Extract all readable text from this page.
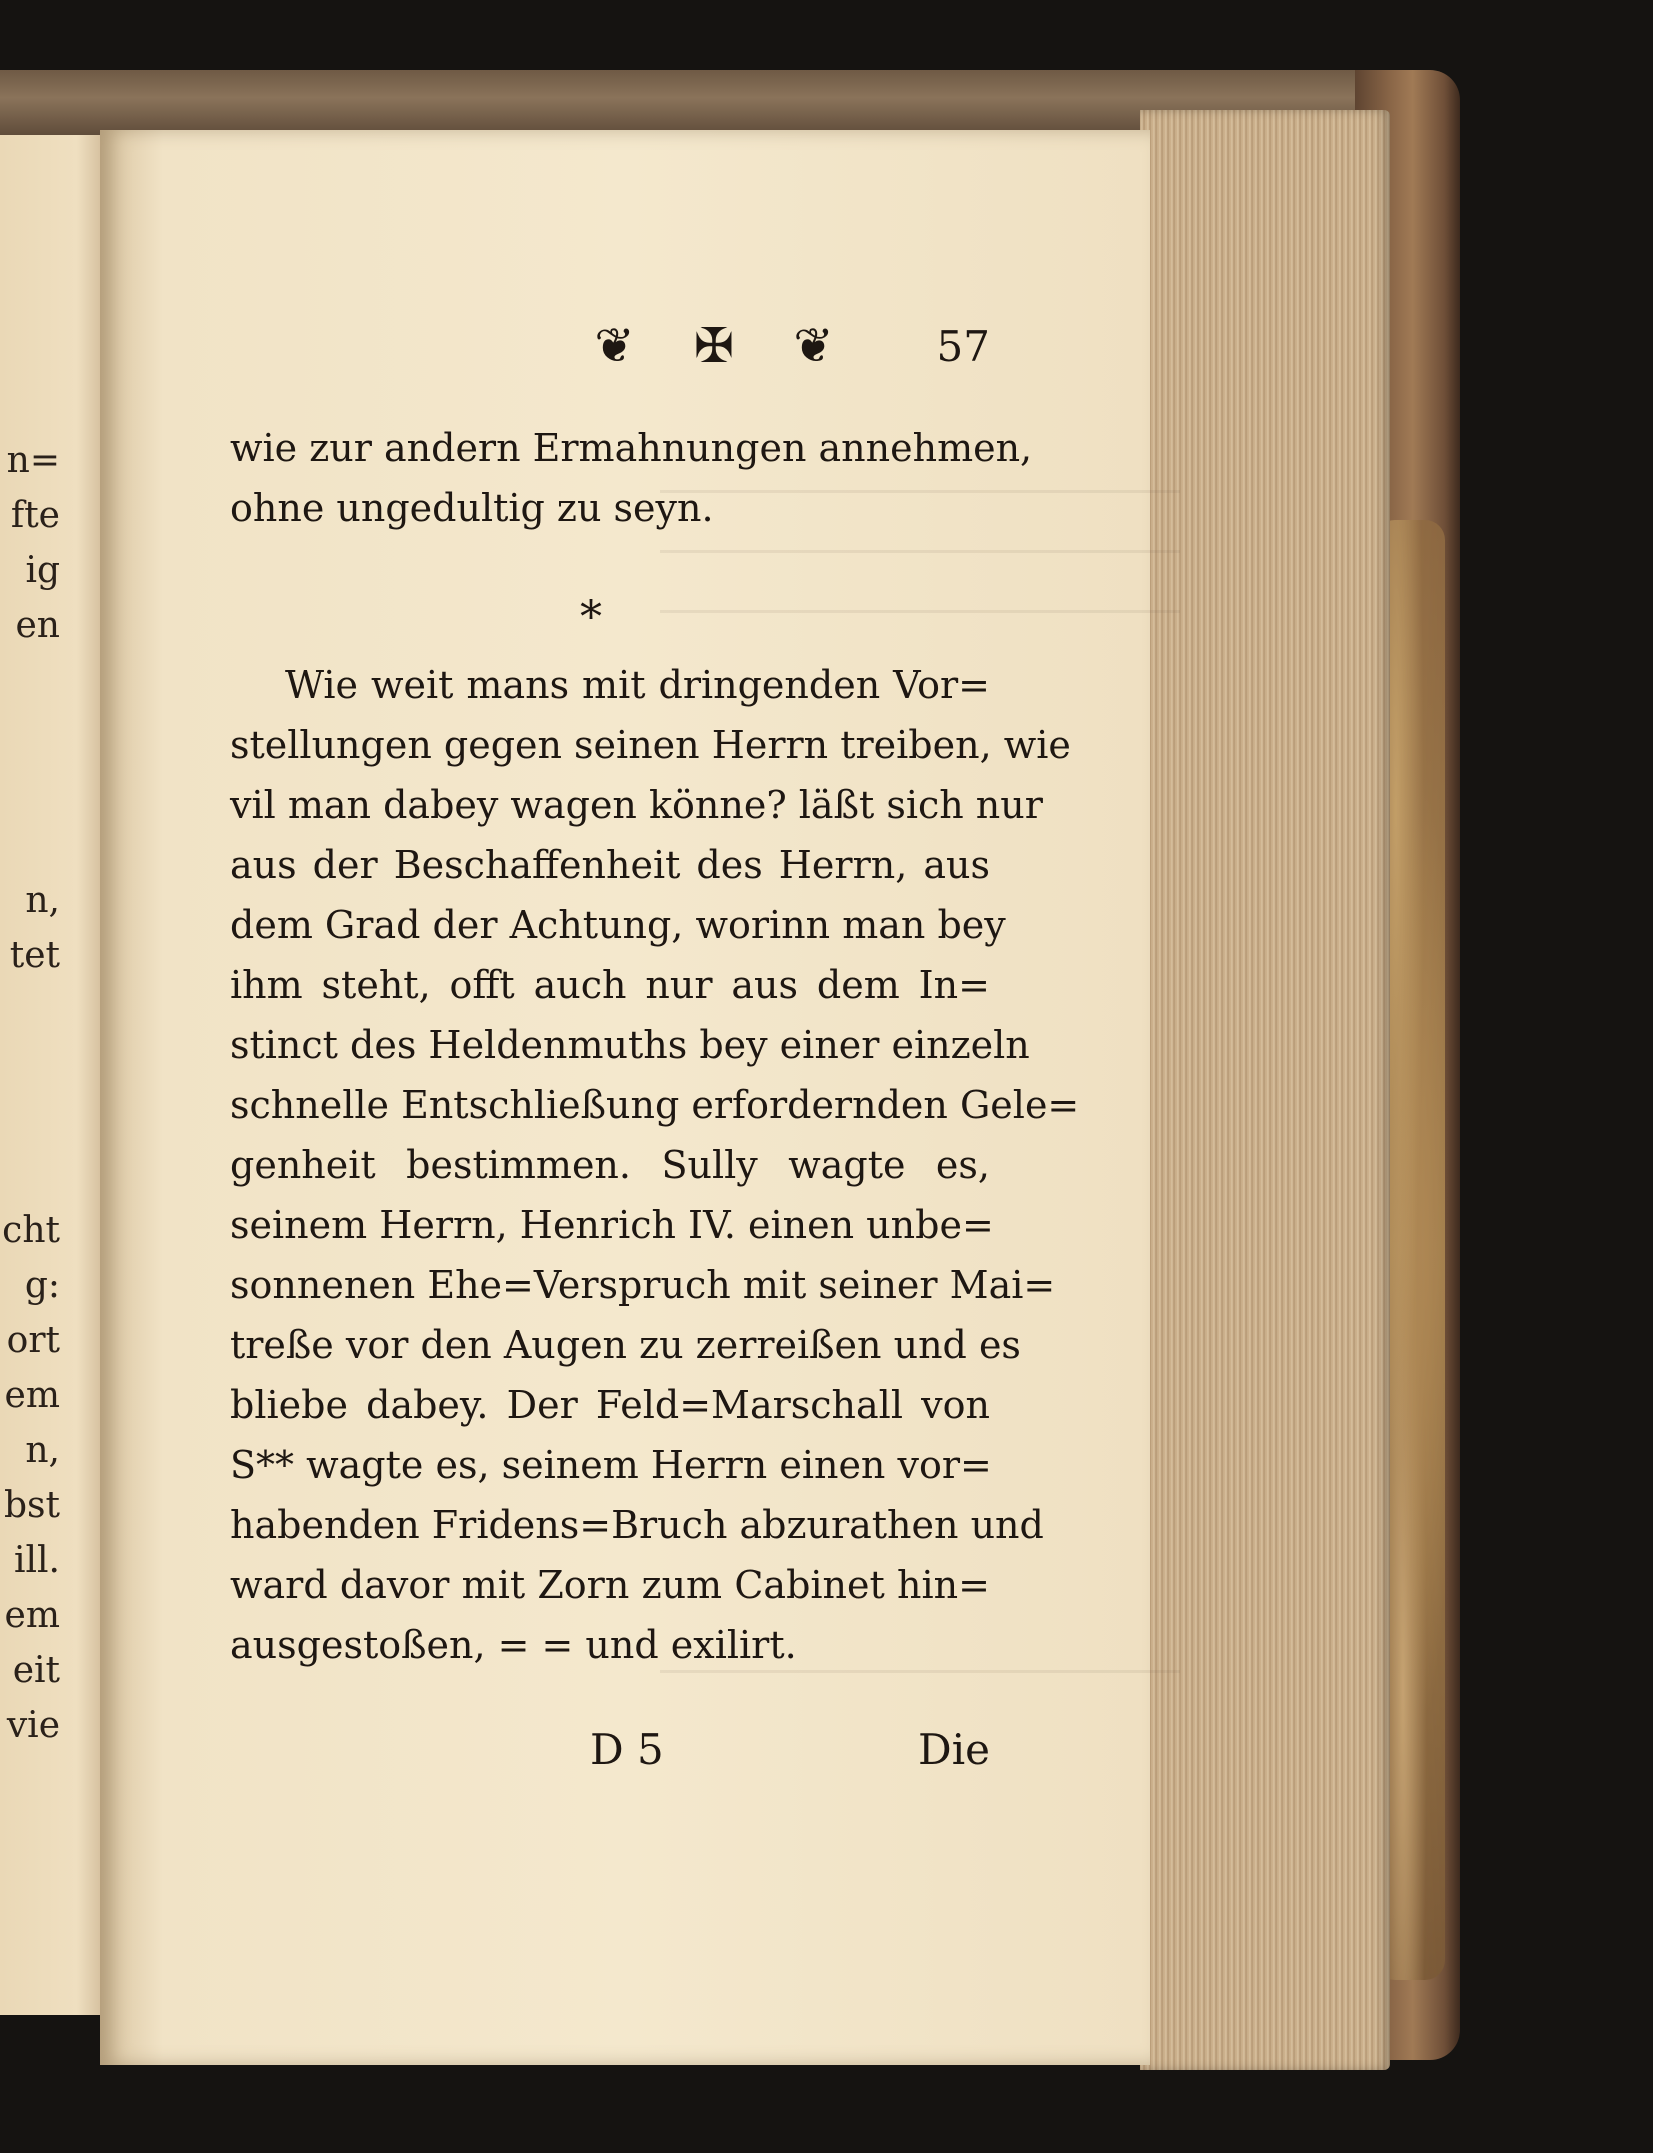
n=
fte
ig
en
n,
tet
cht
g:
ort
em
n,
bst
ill.
em
eit
vie
❦ ✠ ❦	57
wie zur andern Ermahnungen annehmen,
ohne ungedultig zu seyn.
*
Wie weit mans mit dringenden Vor=
stellungen gegen seinen Herrn treiben, wie
vil man dabey wagen könne? läßt sich nur
aus der Beschaffenheit des Herrn, aus
dem Grad der Achtung, worinn man bey
ihm steht, offt auch nur aus dem In=
stinct des Heldenmuths bey einer einzeln
schnelle Entschließung erfordernden Gele=
genheit bestimmen. Sully wagte es,
seinem Herrn, Henrich IV. einen unbe=
sonnenen Ehe=Verspruch mit seiner Mai=
treße vor den Augen zu zerreißen und es
bliebe dabey. Der Feld=Marschall von
S** wagte es, seinem Herrn einen vor=
habenden Fridens=Bruch abzurathen und
ward davor mit Zorn zum Cabinet hin=
ausgestoßen, = = und exilirt.
D 5	Die
